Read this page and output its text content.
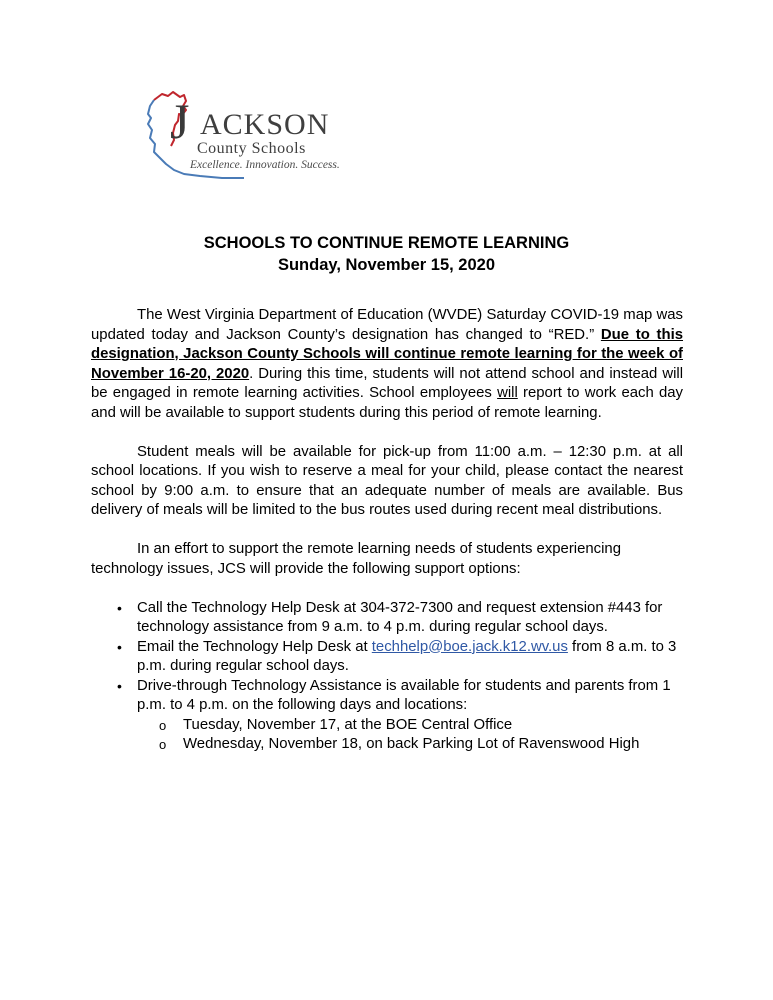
J ACKSON
County Schools
Excellence. Innovation. Success.

SCHOOLS TO CONTINUE REMOTE LEARNING

Sunday, November 15, 2020

The West Virginia Department of Education (WVDE) Saturday COVID-19 map was updated today and Jackson County’s designation has changed to “RED.” Due to this designation, Jackson County Schools will continue remote learning for the week of November 16-20, 2020. During this time, students will not attend school and instead will be engaged in remote learning activities. School employees will report to work each day and will be available to support students during this period of remote learning.

Student meals will be available for pick-up from 11:00 a.m. – 12:30 p.m. at all school locations. If you wish to reserve a meal for your child, please contact the nearest school by 9:00 a.m. to ensure that an adequate number of meals are available. Bus delivery of meals will be limited to the bus routes used during recent meal distributions.

In an effort to support the remote learning needs of students experiencing technology issues, JCS will provide the following support options:

• Call the Technology Help Desk at 304-372-7300 and request extension #443 for technology assistance from 9 a.m. to 4 p.m. during regular school days.
• Email the Technology Help Desk at techhelp@boe.jack.k12.wv.us from 8 a.m. to 3 p.m. during regular school days.
• Drive-through Technology Assistance is available for students and parents from 1 p.m. to 4 p.m. on the following days and locations:
o Tuesday, November 17, at the BOE Central Office
o Wednesday, November 18, on back Parking Lot of Ravenswood High
